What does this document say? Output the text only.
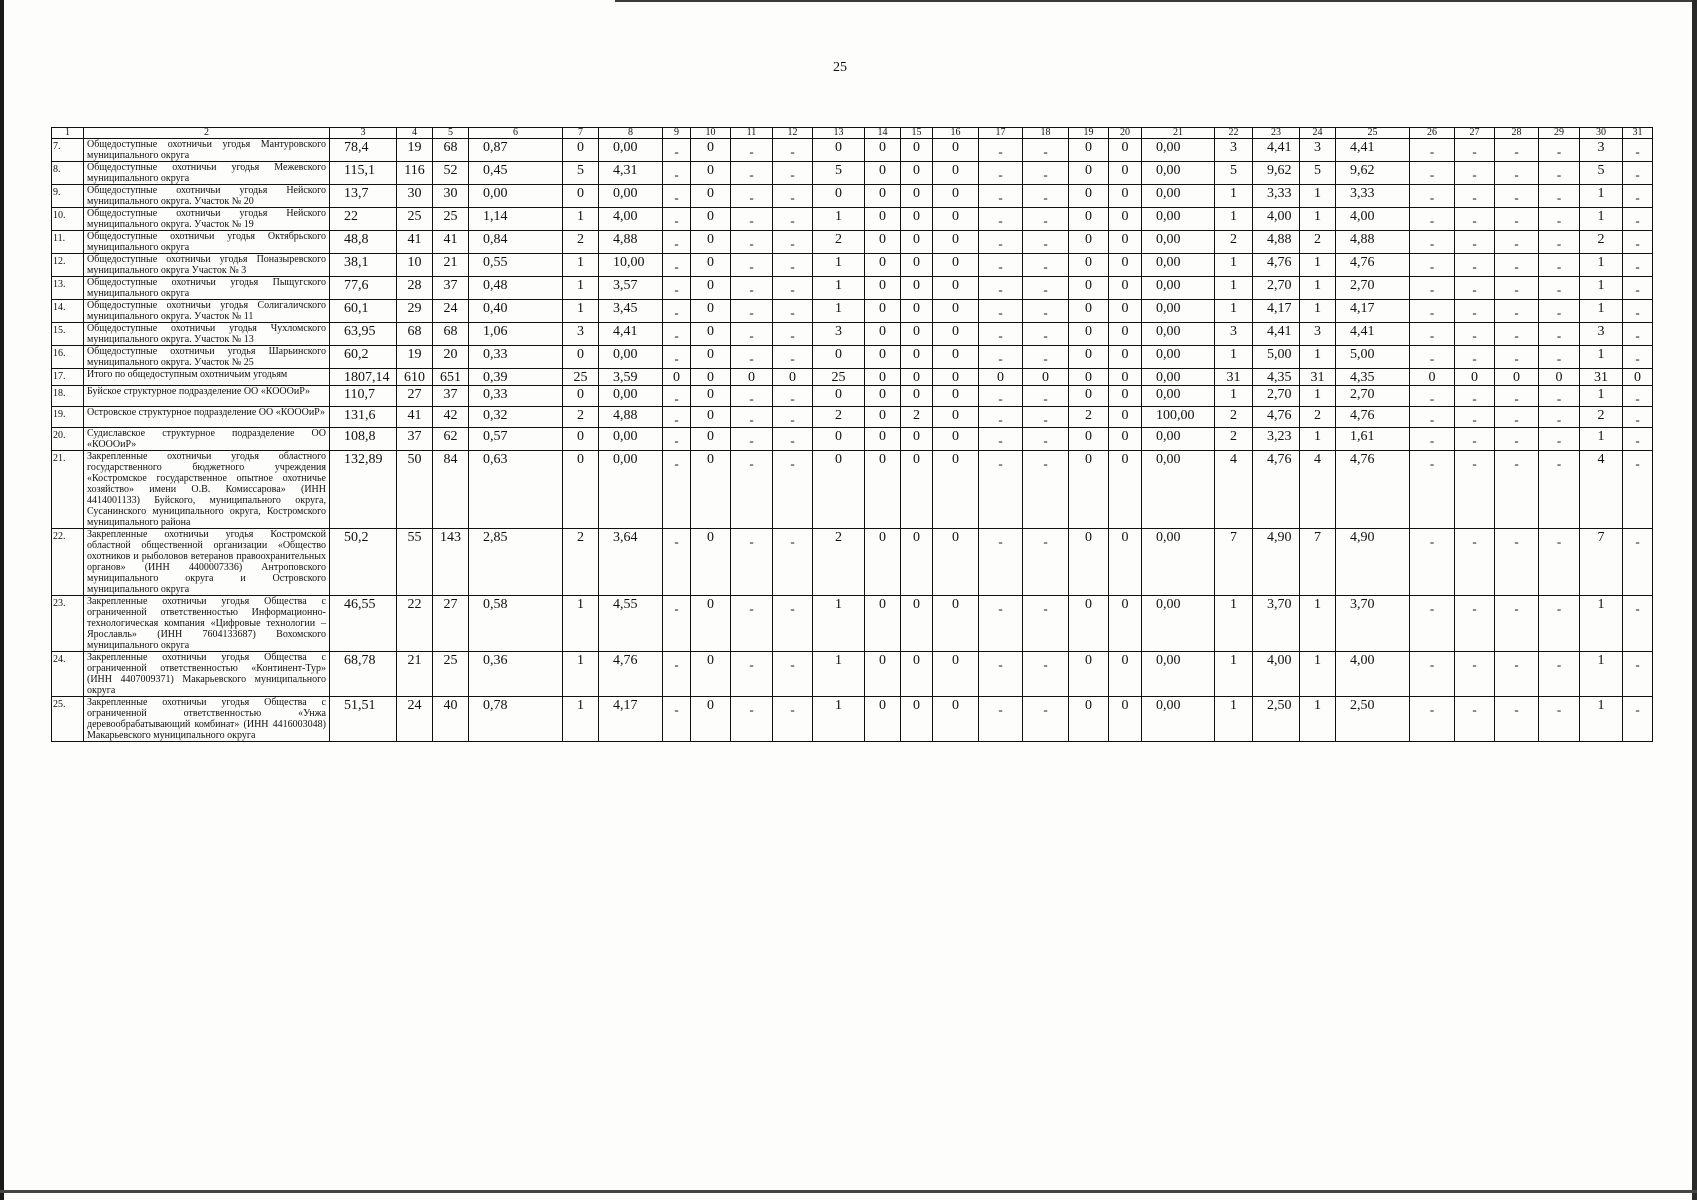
25
1	2	3	4	5	6	7	8	9	10	11	12	13	14	15	16	17	18	19	20	21	22	23	24	25	26	27	28	29	30	31
7.	Общедоступные охотничьи угодья Мантуровского муниципального округа	78,4	19	68	0,87	0	0,00	-	0	-	-	0	0	0	0	-	-	0	0	0,00	3	4,41	3	4,41	-	-	-	-	3	-
8.	Общедоступные охотничьи угодья Межевского муниципального округа	115,1	116	52	0,45	5	4,31	-	0	-	-	5	0	0	0	-	-	0	0	0,00	5	9,62	5	9,62	-	-	-	-	5	-
9.	Общедоступные охотничьи угодья Нейского муниципального округа. Участок № 20	13,7	30	30	0,00	0	0,00	-	0	-	-	0	0	0	0	-	-	0	0	0,00	1	3,33	1	3,33	-	-	-	-	1	-
10.	Общедоступные охотничьи угодья Нейского муниципального округа. Участок № 19	22	25	25	1,14	1	4,00	-	0	-	-	1	0	0	0	-	-	0	0	0,00	1	4,00	1	4,00	-	-	-	-	1	-
11.	Общедоступные охотничьи угодья Октябрьского муниципального округа	48,8	41	41	0,84	2	4,88	-	0	-	-	2	0	0	0	-	-	0	0	0,00	2	4,88	2	4,88	-	-	-	-	2	-
12.	Общедоступные охотничьи угодья Поназыревского муниципального округа Участок № 3	38,1	10	21	0,55	1	10,00	-	0	-	-	1	0	0	0	-	-	0	0	0,00	1	4,76	1	4,76	-	-	-	-	1	-
13.	Общедоступные охотничьи угодья Пыщугского муниципального округа	77,6	28	37	0,48	1	3,57	-	0	-	-	1	0	0	0	-	-	0	0	0,00	1	2,70	1	2,70	-	-	-	-	1	-
14.	Общедоступные охотничьи угодья Солигаличского муниципального округа. Участок № 11	60,1	29	24	0,40	1	3,45	-	0	-	-	1	0	0	0	-	-	0	0	0,00	1	4,17	1	4,17	-	-	-	-	1	-
15.	Общедоступные охотничьи угодья Чухломского муниципального округа. Участок № 13	63,95	68	68	1,06	3	4,41	-	0	-	-	3	0	0	0	-	-	0	0	0,00	3	4,41	3	4,41	-	-	-	-	3	-
16.	Общедоступные охотничьи угодья Шарьинского муниципального округа. Участок № 25	60,2	19	20	0,33	0	0,00	-	0	-	-	0	0	0	0	-	-	0	0	0,00	1	5,00	1	5,00	-	-	-	-	1	-
17.	Итого по общедоступным охотничьим угодьям	1807,14	610	651	0,39	25	3,59	0	0	0	0	25	0	0	0	0	0	0	0	0,00	31	4,35	31	4,35	0	0	0	0	31	0
18.	Буйское структурное подразделение ОО «КОООиР»	110,7	27	37	0,33	0	0,00	-	0	-	-	0	0	0	0	-	-	0	0	0,00	1	2,70	1	2,70	-	-	-	-	1	-
19.	Островское структурное подразделение ОО «КОООиР»	131,6	41	42	0,32	2	4,88	-	0	-	-	2	0	2	0	-	-	2	0	100,00	2	4,76	2	4,76	-	-	-	-	2	-
20.	Судиславское структурное подразделение ОО «КОООиР»	108,8	37	62	0,57	0	0,00	-	0	-	-	0	0	0	0	-	-	0	0	0,00	2	3,23	1	1,61	-	-	-	-	1	-
21.	Закрепленные охотничьи угодья областного государственного бюджетного учреждения «Костромское государственное опытное охотничье хозяйство» имени О.В. Комиссарова» (ИНН 4414001133) Буйского, муниципального округа, Сусанинского муниципального округа, Костромского муниципального района	132,89	50	84	0,63	0	0,00	-	0	-	-	0	0	0	0	-	-	0	0	0,00	4	4,76	4	4,76	-	-	-	-	4	-
22.	Закрепленные охотничьи угодья Костромской областной общественной организации «Общество охотников и рыболовов ветеранов правоохранительных органов» (ИНН 4400007336) Антроповского муниципального округа и Островского муниципального округа	50,2	55	143	2,85	2	3,64	-	0	-	-	2	0	0	0	-	-	0	0	0,00	7	4,90	7	4,90	-	-	-	-	7	-
23.	Закрепленные охотничьи угодья Общества с ограниченной ответственностью Информационно-технологическая компания «Цифровые технологии – Ярославль» (ИНН 7604133687) Вохомского муниципального округа	46,55	22	27	0,58	1	4,55	-	0	-	-	1	0	0	0	-	-	0	0	0,00	1	3,70	1	3,70	-	-	-	-	1	-
24.	Закрепленные охотничьи угодья Общества с ограниченной ответственностью «Континент-Тур» (ИНН 4407009371) Макарьевского муниципального округа	68,78	21	25	0,36	1	4,76	-	0	-	-	1	0	0	0	-	-	0	0	0,00	1	4,00	1	4,00	-	-	-	-	1	-
25.	Закрепленные охотничьи угодья Общества с ограниченной ответственностью «Унжа деревообрабатывающий комбинат» (ИНН 4416003048) Макарьевского муниципального округа	51,51	24	40	0,78	1	4,17	-	0	-	-	1	0	0	0	-	-	0	0	0,00	1	2,50	1	2,50	-	-	-	-	1	-
